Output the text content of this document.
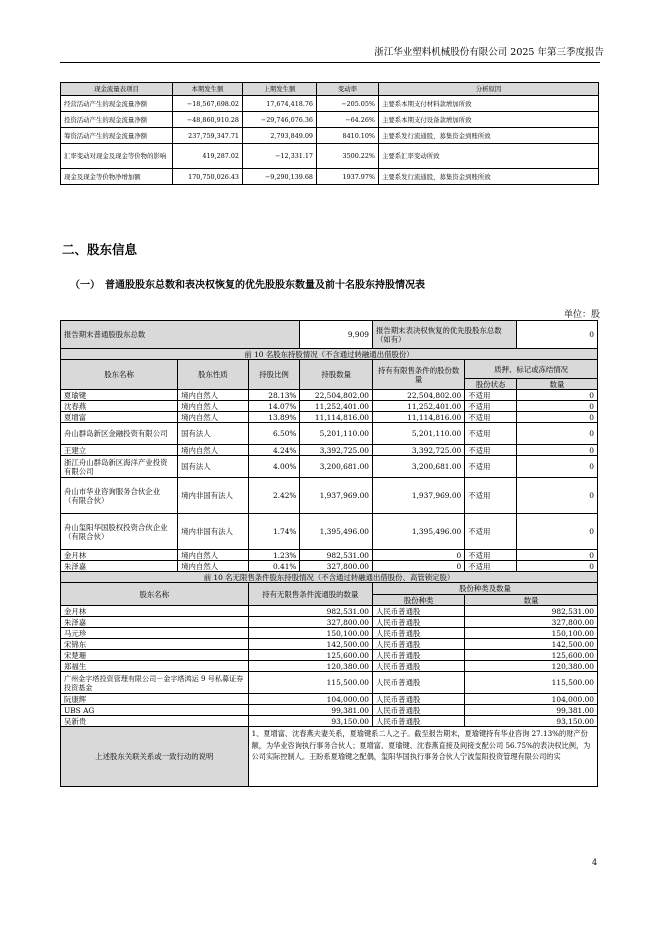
浙江华业塑料机械股份有限公司 2025 年第三季度报告
现金流量表项目	本期发生额	上期发生额	变动率	分析原因
经营活动产生的现金流量净额	−18,567,698.02	17,674,418.76	−205.05%	主要系本期支付材料款增加所致
投资活动产生的现金流量净额	−48,860,910.28	−29,746,076.36	−64.26%	主要系本期支付设备款增加所致
筹资活动产生的现金流量净额	237,759,347.71	2,793,849.09	8410.10%	主要系发行流通股，募集资金到账所致
汇率变动对现金及现金等价物的影响	419,287.02	−12,331.17	3500.22%	主要系汇率变动所致
现金及现金等价物净增加额	170,750,026.43	−9,290,139.68	1937.97%	主要系发行流通股，募集资金到账所致
二、股东信息
（一）　普通股股东总数和表决权恢复的优先股股东数量及前十名股东持股情况表
单位：股
报告期末普通股股东总数			9,909	报告期末表决权恢复的优先股股东总数（如有）		0
前 10 名股东持股情况（不含通过转融通出借股份）						
股东名称	股东性质	持股比例	持股数量	持有有限售条件的股份数量	质押、标记或冻结情况	
					股份状态	数量
夏瑜键	境内自然人	28.13%	22,504,802.00	22,504,802.00	不适用	0
沈春燕	境内自然人	14.07%	11,252,401.00	11,252,401.00	不适用	0
夏增富	境内自然人	13.89%	11,114,816.00	11,114,816.00	不适用	0
舟山群岛新区金融投资有限公司	国有法人	6.50%	5,201,110.00	5,201,110.00	不适用	0
王建立	境内自然人	4.24%	3,392,725.00	3,392,725.00	不适用	0
浙江舟山群岛新区海洋产业投资有限公司	国有法人	4.00%	3,200,681.00	3,200,681.00	不适用	0
舟山市华业咨询服务合伙企业（有限合伙）	境内非国有法人	2.42%	1,937,969.00	1,937,969.00	不适用	0
舟山玺阳华国股权投资合伙企业（有限合伙）	境内非国有法人	1.74%	1,395,496.00	1,395,496.00	不适用	0
金月林	境内自然人	1.23%	982,531.00	0	不适用	0
朱泽嘉	境内自然人	0.41%	327,800.00	0	不适用	0
前 10 名无限售条件股东持股情况（不含通过转融通出借股份、高管锁定股）						
股东名称		持有无限售条件流通股的数量		股份种类及数量		
				股份种类	数量	
金月林		982,531.00		人民币普通股	982,531.00	
朱泽嘉		327,800.00		人民币普通股	327,800.00	
马元珍		150,100.00		人民币普通股	150,100.00	
宋锦东		142,500.00		人民币普通股	142,500.00	
宋楚珊		125,600.00		人民币普通股	125,600.00	
郑福生		120,380.00		人民币普通股	120,380.00	
广州金字塔投资管理有限公司－金字塔鸿运 9 号私募证券投资基金		115,500.00		人民币普通股	115,500.00	
阮康辉		104,000.00		人民币普通股	104,000.00	
UBS AG		99,381.00		人民币普通股	99,381.00	
吴新贵		93,150.00		人民币普通股	93,150.00	
上述股东关联关系或一致行动的说明		1、夏增富、沈春燕夫妻关系，夏瑜键系二人之子。截至报告期末，夏瑜键持有华业咨询 27.13%的财产份额，为华业咨询执行事务合伙人；夏增富、夏瑜键、沈春燕直接及间接支配公司 56.75%的表决权比例，为公司实际控制人。王盼系夏瑜键之配偶，玺阳华国执行事务合伙人宁波玺阳投资管理有限公司的实				
4
